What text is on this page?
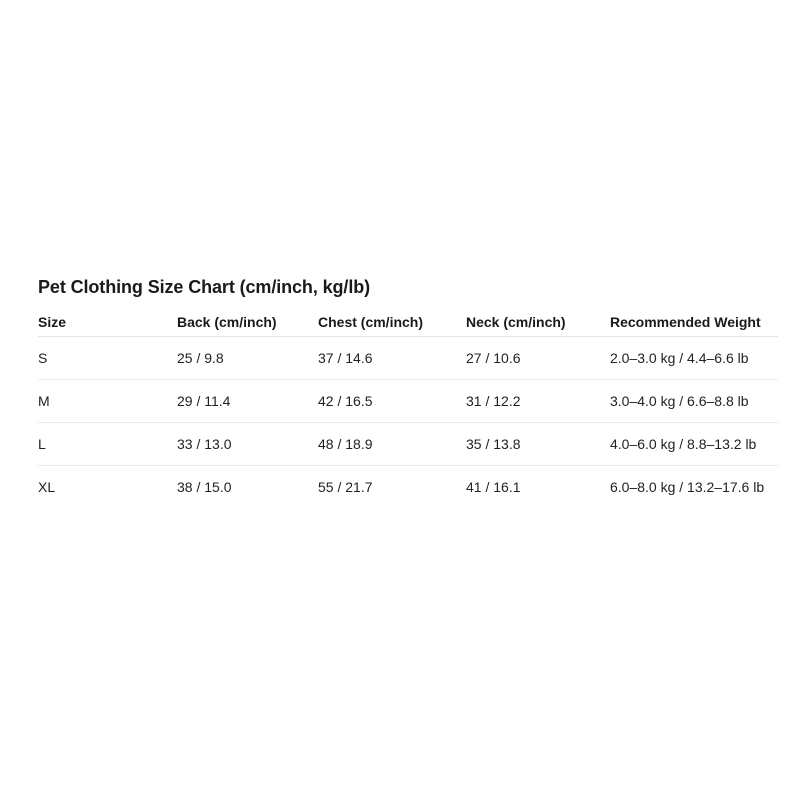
Pet Clothing Size Chart (cm/inch, kg/lb)
Size	Back (cm/inch)	Chest (cm/inch)	Neck (cm/inch)	Recommended Weight
S	25 / 9.8	37 / 14.6	27 / 10.6	2.0–3.0 kg / 4.4–6.6 lb
M	29 / 11.4	42 / 16.5	31 / 12.2	3.0–4.0 kg / 6.6–8.8 lb
L	33 / 13.0	48 / 18.9	35 / 13.8	4.0–6.0 kg / 8.8–13.2 lb
XL	38 / 15.0	55 / 21.7	41 / 16.1	6.0–8.0 kg / 13.2–17.6 lb
